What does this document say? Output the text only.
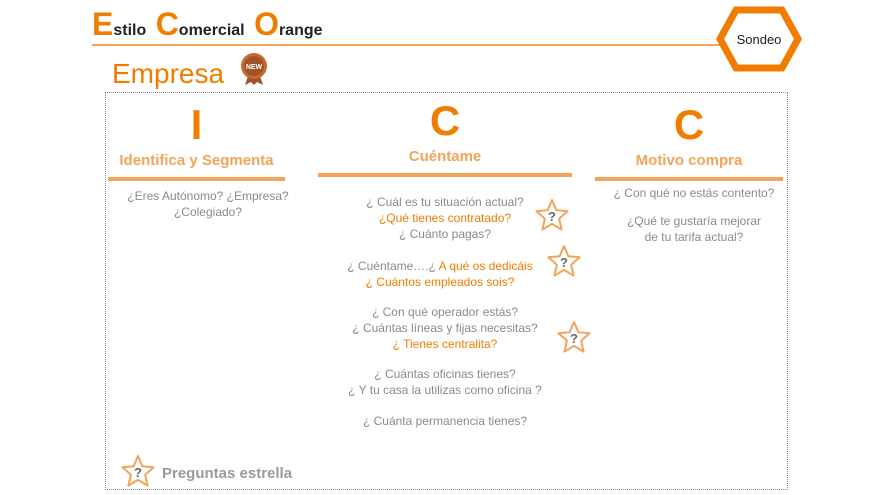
Estilo Comercial Orange
Sondeo
Empresa	NEW
I
Identifica y Segmenta
C
Cuéntame
C
Motivo compra
¿Eres Autónomo? ¿Empresa?
¿Colegiado?
¿ Cuál es tu situación actual?
¿Qué tienes contratado?
¿ Cuánto pagas?
¿ Cuéntame….¿ A qué os dedicáis
¿ Cuántos empleados sois?
¿ Con qué operador estás?
¿ Cuántas líneas y fijas necesitas?
¿ Tienes centralita?
¿ Cuántas oficinas tienes?
¿ Y tu casa la utilizas como oficina ?
¿ Cuánta permanencia tienes?
¿ Con qué no estás contento?
¿Qué te gustaría mejorar
de tu tarifa actual?
?
?
?
? Preguntas estrella
